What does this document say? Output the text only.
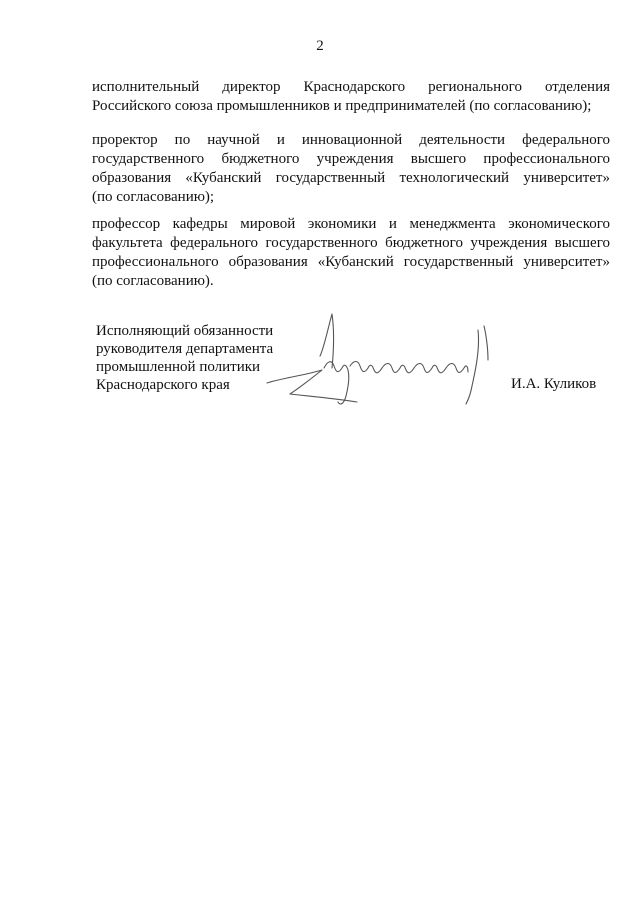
2
исполнительный директор Краснодарского регионального отделения
Российского союза промышленников и предпринимателей (по согласованию);
проректор по научной и инновационной деятельности федерального
государственного бюджетного учреждения высшего профессионального
образования «Кубанский государственный технологический университет»
(по согласованию);
профессор кафедры мировой экономики и менеджмента экономического
факультета федерального государственного бюджетного учреждения высшего
профессионального образования «Кубанский государственный университет»
(по согласованию).
Исполняющий обязанности
руководителя департамента
промышленной политики
Краснодарского края	И.А. Куликов
